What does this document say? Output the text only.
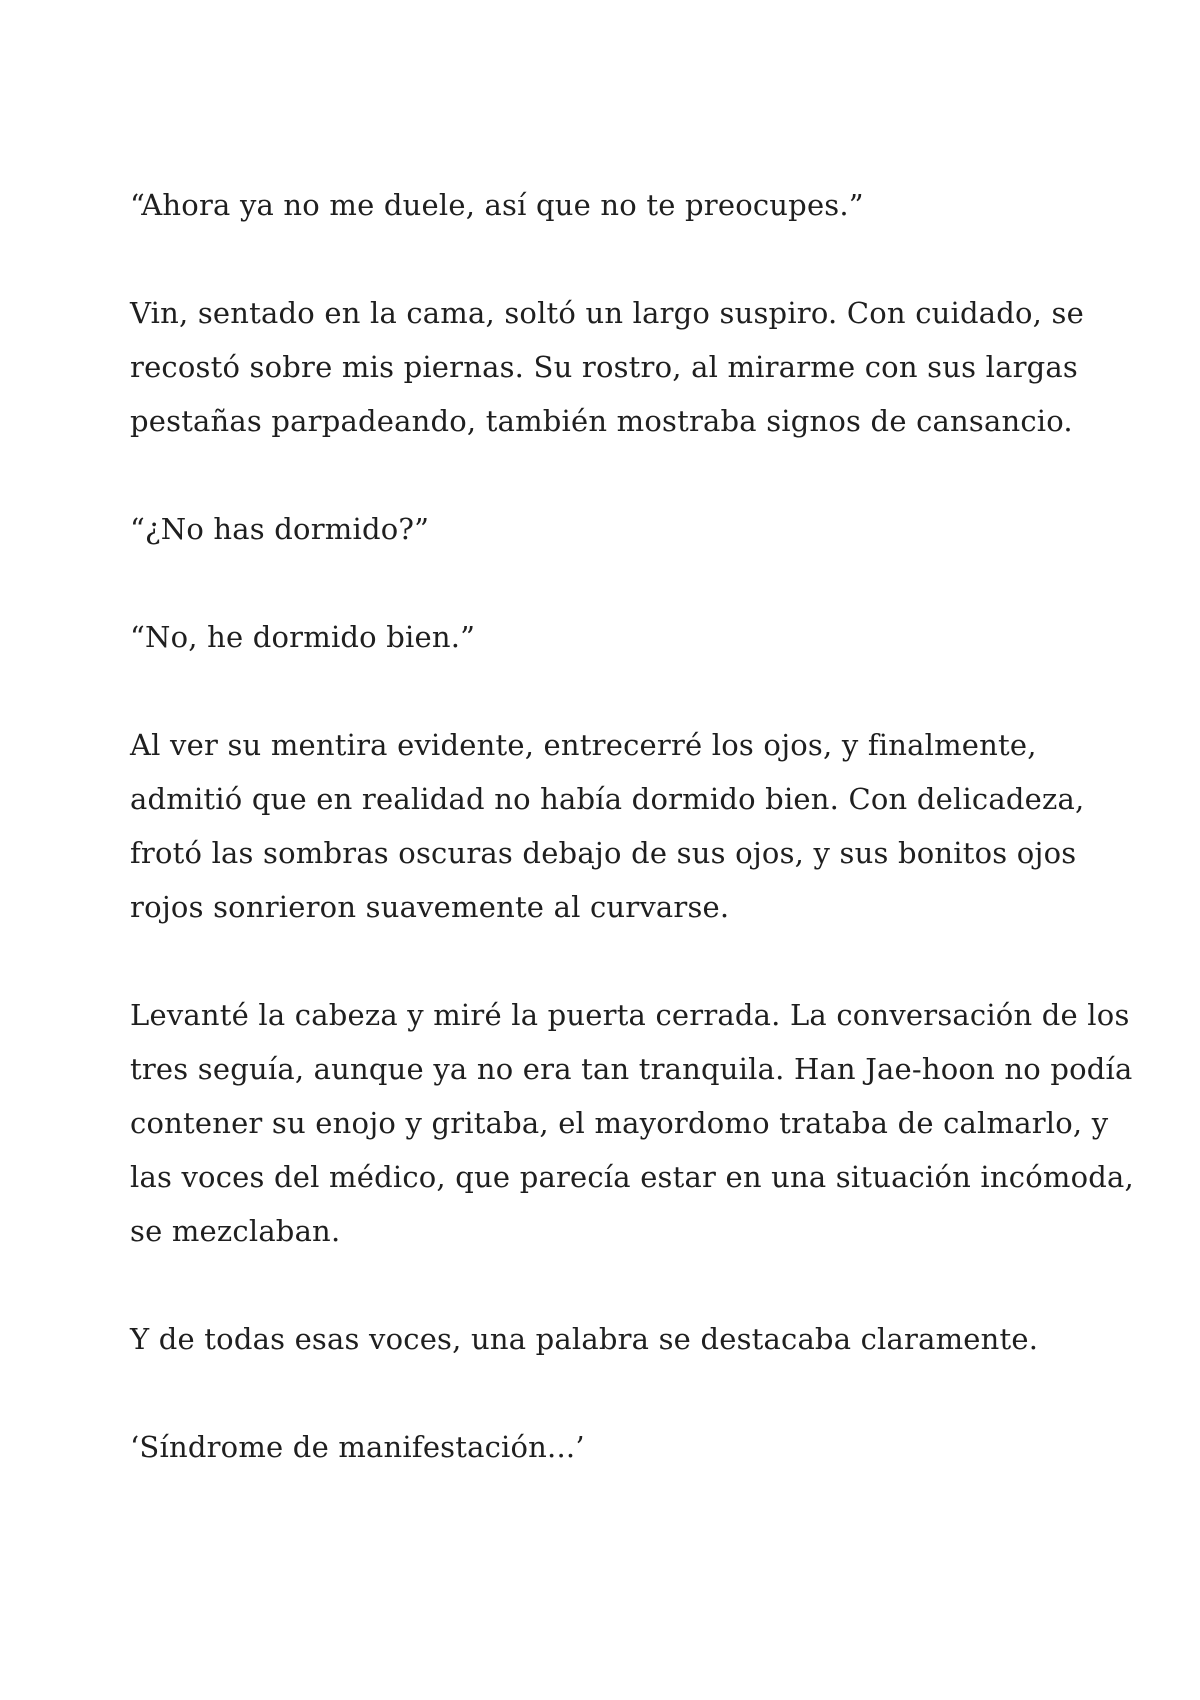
“Ahora ya no me duele, así que no te preocupes.”

Vin, sentado en la cama, soltó un largo suspiro. Con cuidado, se
recostó sobre mis piernas. Su rostro, al mirarme con sus largas
pestañas parpadeando, también mostraba signos de cansancio.

“¿No has dormido?”

“No, he dormido bien.”

Al ver su mentira evidente, entrecerré los ojos, y finalmente,
admitió que en realidad no había dormido bien. Con delicadeza,
frotó las sombras oscuras debajo de sus ojos, y sus bonitos ojos
rojos sonrieron suavemente al curvarse.

Levanté la cabeza y miré la puerta cerrada. La conversación de los
tres seguía, aunque ya no era tan tranquila. Han Jae-hoon no podía
contener su enojo y gritaba, el mayordomo trataba de calmarlo, y
las voces del médico, que parecía estar en una situación incómoda,
se mezclaban.

Y de todas esas voces, una palabra se destacaba claramente.

‘Síndrome de manifestación...’
